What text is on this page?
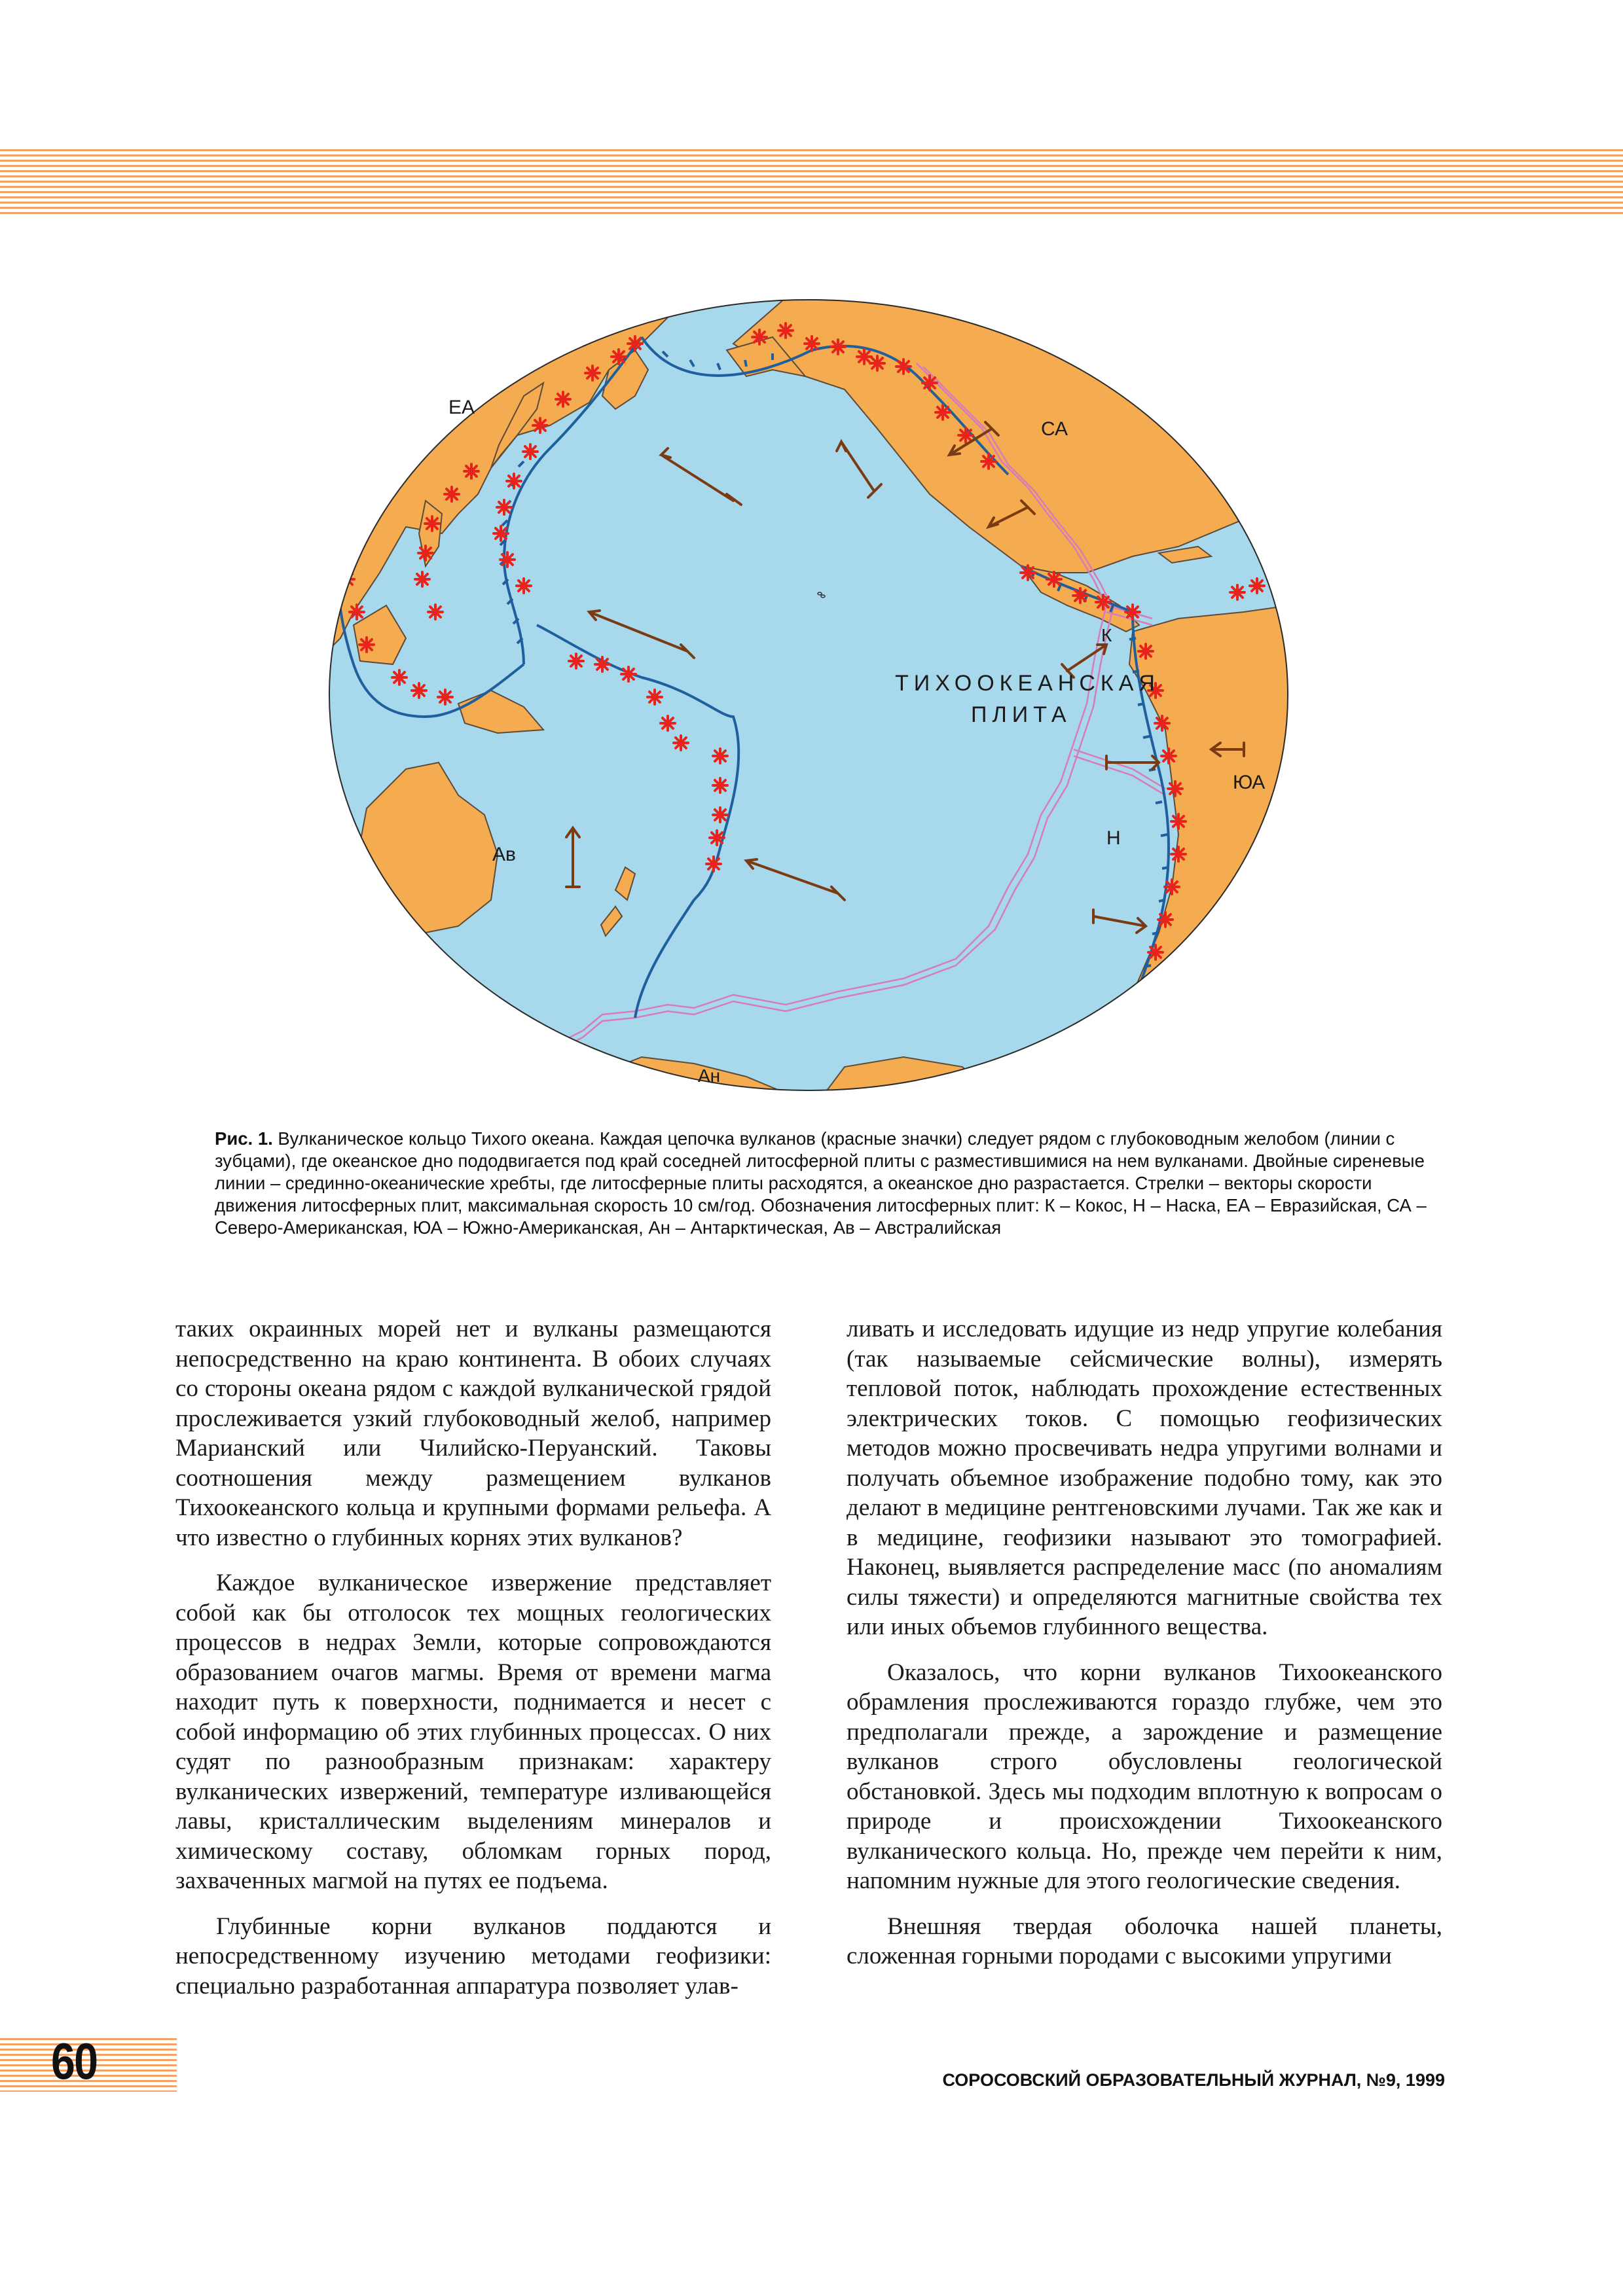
ЕА
СА
К
ЮА
Н
Ав
Ан
ТИХООКЕАНСКАЯ
ПЛИТА
Рис. 1. Вулканическое кольцо Тихого океана. Каждая цепочка вулканов (красные значки) следует рядом с глубоководным желобом (линии с зубцами), где океанское дно пододвигается под край соседней литосферной плиты с разместившимися на нем вулканами. Двойные сиреневые линии – срединно-океанические хребты, где литосферные плиты расходятся, а океанское дно разрастается. Стрелки – векторы скорости движения литосферных плит, максимальная скорость 10 см/год. Обозначения литосферных плит: К – Кокос, Н – Наска, ЕА – Евразийская, СА – Северо-Американская, ЮА – Южно-Американская, Ан – Антарктическая, Ав – Австралийская

таких окраинных морей нет и вулканы размещаются непосредственно на краю континента. В обоих случаях со стороны океана рядом с каждой вулканической грядой прослеживается узкий глубоководный желоб, например Марианский или Чилийско-Перуанский. Таковы соотношения между размещением вулканов Тихоокеанского кольца и крупными формами рельефа. А что известно о глубинных корнях этих вулканов?

Каждое вулканическое извержение представляет собой как бы отголосок тех мощных геологических процессов в недрах Земли, которые сопровождаются образованием очагов магмы. Время от времени магма находит путь к поверхности, поднимается и несет с собой информацию об этих глубинных процессах. О них судят по разнообразным признакам: характеру вулканических извержений, температуре изливающейся лавы, кристаллическим выделениям минералов и химическому составу, обломкам горных пород, захваченных магмой на путях ее подъема.

Глубинные корни вулканов поддаются и непосредственному изучению методами геофизики: специально разработанная аппаратура позволяет улав-

ливать и исследовать идущие из недр упругие колебания (так называемые сейсмические волны), измерять тепловой поток, наблюдать прохождение естественных электрических токов. С помощью геофизических методов можно просвечивать недра упругими волнами и получать объемное изображение подобно тому, как это делают в медицине рентгеновскими лучами. Так же как и в медицине, геофизики называют это томографией. Наконец, выявляется распределение масс (по аномалиям силы тяжести) и определяются магнитные свойства тех или иных объемов глубинного вещества.

Оказалось, что корни вулканов Тихоокеанского обрамления прослеживаются гораздо глубже, чем это предполагали прежде, а зарождение и размещение вулканов строго обусловлены геологической обстановкой. Здесь мы подходим вплотную к вопросам о природе и происхождении Тихоокеанского вулканического кольца. Но, прежде чем перейти к ним, напомним нужные для этого геологические сведения.

Внешняя твердая оболочка нашей планеты, сложенная горными породами с высокими упругими

60	СОРОСОВСКИЙ ОБРАЗОВАТЕЛЬНЫЙ ЖУРНАЛ, №9, 1999
